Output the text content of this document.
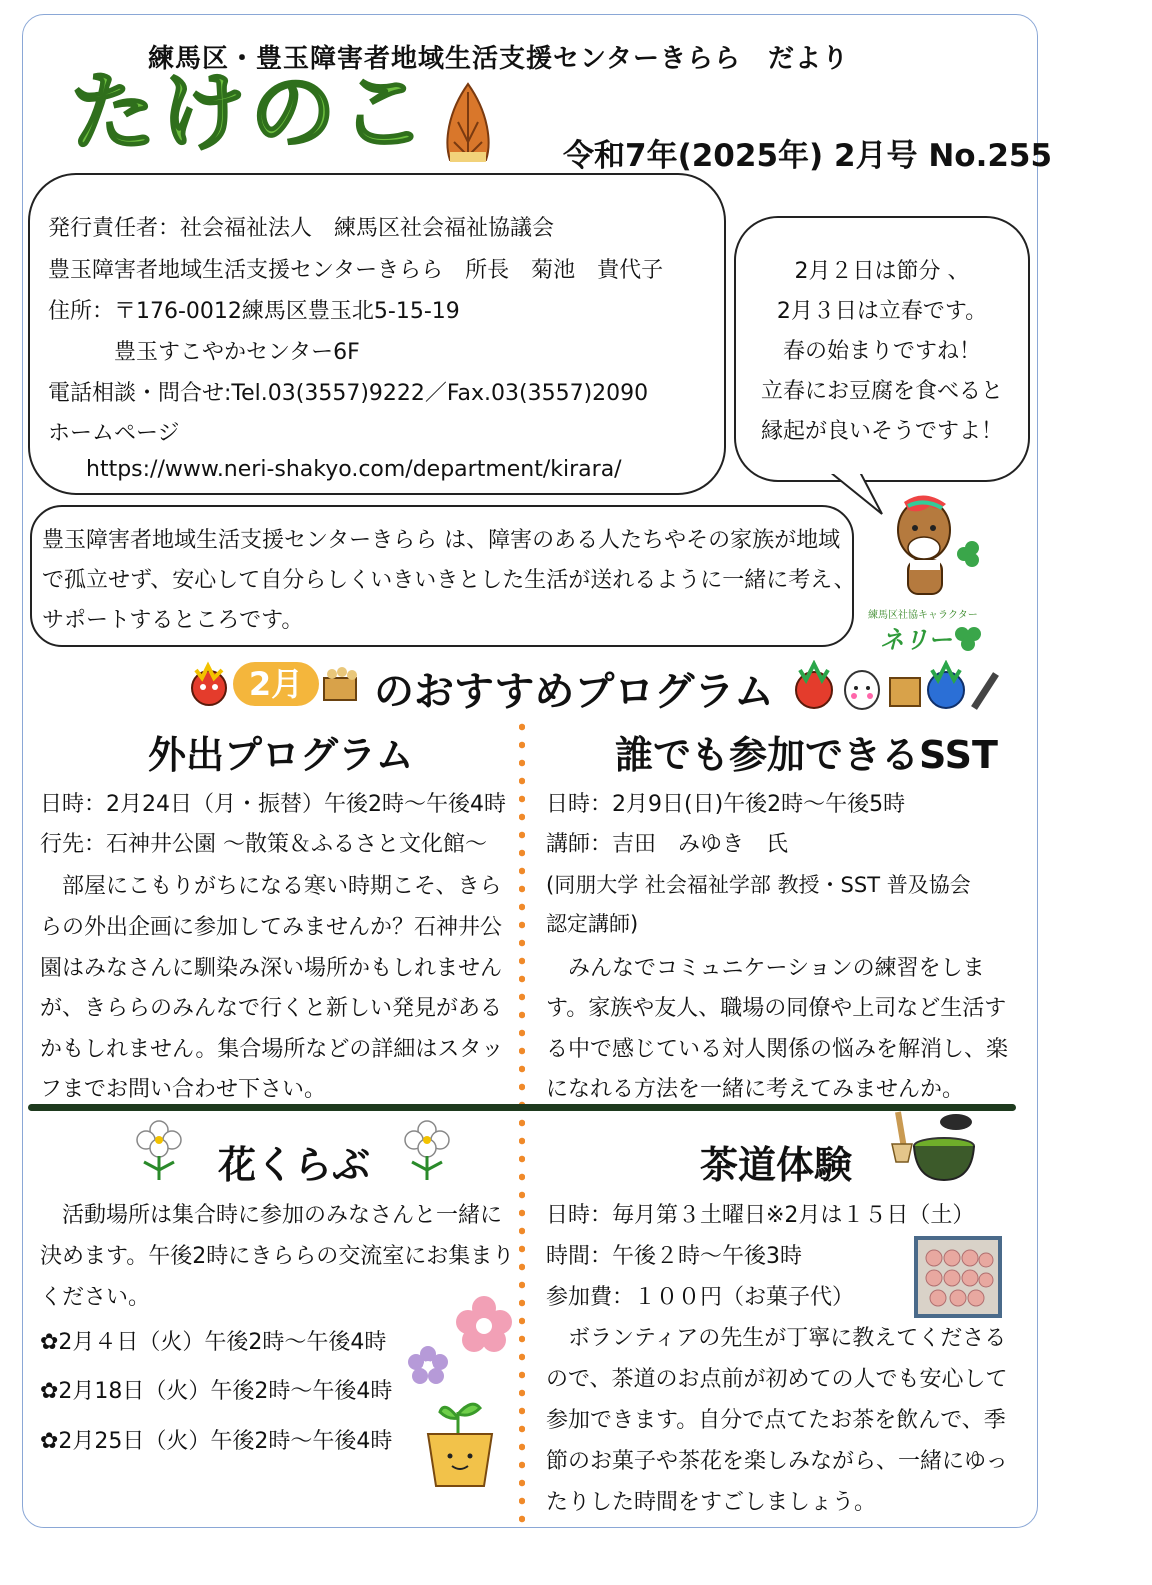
練馬区・豊玉障害者地域生活支援センターきらら　だより
たけのこ	令和7年(2025年) 2月号 No.255
発行責任者：社会福祉法人　練馬区社会福祉協議会
豊玉障害者地域生活支援センターきらら　所長　菊池　貴代子
住所：〒176-0012練馬区豊玉北5-15-19
豊玉すこやかセンター6F
電話相談・問合せ:Tel.03(3557)9222／Fax.03(3557)2090
ホームページ
https://www.neri-shakyo.com/department/kirara/
2月２日は節分 、
2月３日は立春です。
春の始まりですね！
立春にお豆腐を食べると
縁起が良いそうですよ！
豊玉障害者地域生活支援センターきらら は、障害のある人たちやその家族が地域
で孤立せず、安心して自分らしくいきいきとした生活が送れるように一緒に考え、
サポートするところです。	練馬区社協キャラクター
ネリー
2月	のおすすめプログラム
外出プログラム
日時：2月24日（月・振替）午後2時～午後4時
行先：石神井公園 ～散策＆ふるさと文化館～
　部屋にこもりがちになる寒い時期こそ、きら
らの外出企画に参加してみませんか？石神井公
園はみなさんに馴染み深い場所かもしれません
が、きららのみんなで行くと新しい発見がある
かもしれません。集合場所などの詳細はスタッ
フまでお問い合わせ下さい。
誰でも参加できるSST
日時：2月9日(日)午後2時～午後5時
講師：吉田　みゆき　氏
(同朋大学 社会福祉学部 教授・SST 普及協会
認定講師)
　みんなでコミュニケーションの練習をしま
す。家族や友人、職場の同僚や上司など生活す
る中で感じている対人関係の悩みを解消し、楽
になれる方法を一緒に考えてみませんか。
花くらぶ
　活動場所は集合時に参加のみなさんと一緒に
決めます。午後2時にきららの交流室にお集まり
ください。
✿2月４日（火）午後2時～午後4時
✿2月18日（火）午後2時～午後4時
✿2月25日（火）午後2時～午後4時
茶道体験
日時：毎月第３土曜日※2月は１５日（土）
時間：午後２時～午後3時
参加費：１００円（お菓子代）
　ボランティアの先生が丁寧に教えてくださる
ので、茶道のお点前が初めての人でも安心して
参加できます。自分で点てたお茶を飲んで、季
節のお菓子や茶花を楽しみながら、一緒にゆっ
たりした時間をすごしましょう。
